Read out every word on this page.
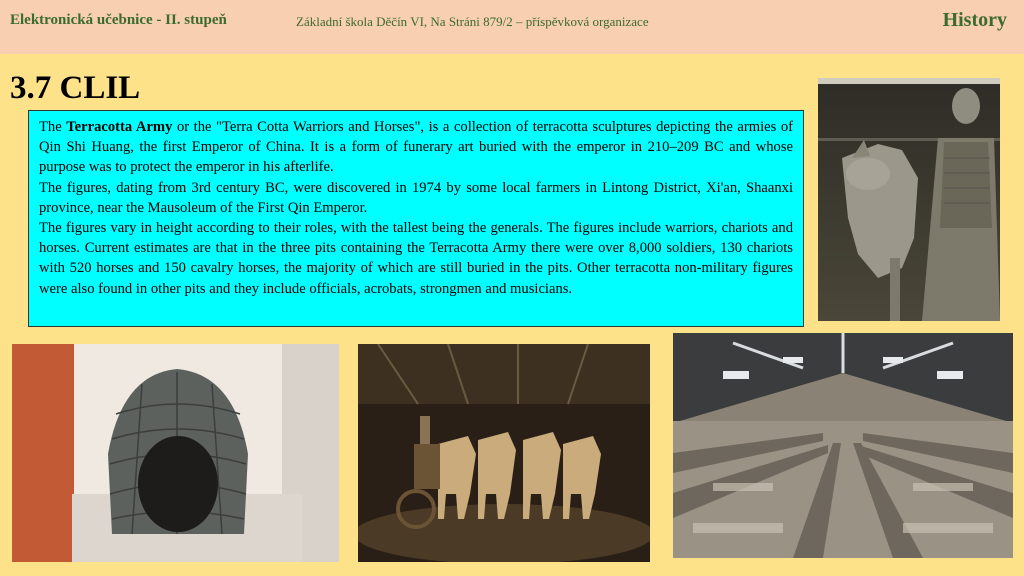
Elektronická učebnice - II. stupeň	Základní škola Děčín VI, Na Stráni 879/2 – příspěvková organizace	History
3.7 CLIL

The Terracotta Army or the "Terra Cotta Warriors and Horses", is a collection of terracotta sculptures depicting the armies of Qin Shi Huang, the first Emperor of China. It is a form of funerary art buried with the emperor in 210–209 BC and whose purpose was to protect the emperor in his afterlife.

The figures, dating from 3rd century BC, were discovered in 1974 by some local farmers in Lintong District, Xi'an, Shaanxi province, near the Mausoleum of the First Qin Emperor.

The figures vary in height according to their roles, with the tallest being the generals. The figures include warriors, chariots and horses. Current estimates are that in the three pits containing the Terracotta Army there were over 8,000 soldiers, 130 chariots with 520 horses and 150 cavalry horses, the majority of which are still buried in the pits. Other terracotta non-military figures were also found in other pits and they include officials, acrobats, strongmen and musicians.
